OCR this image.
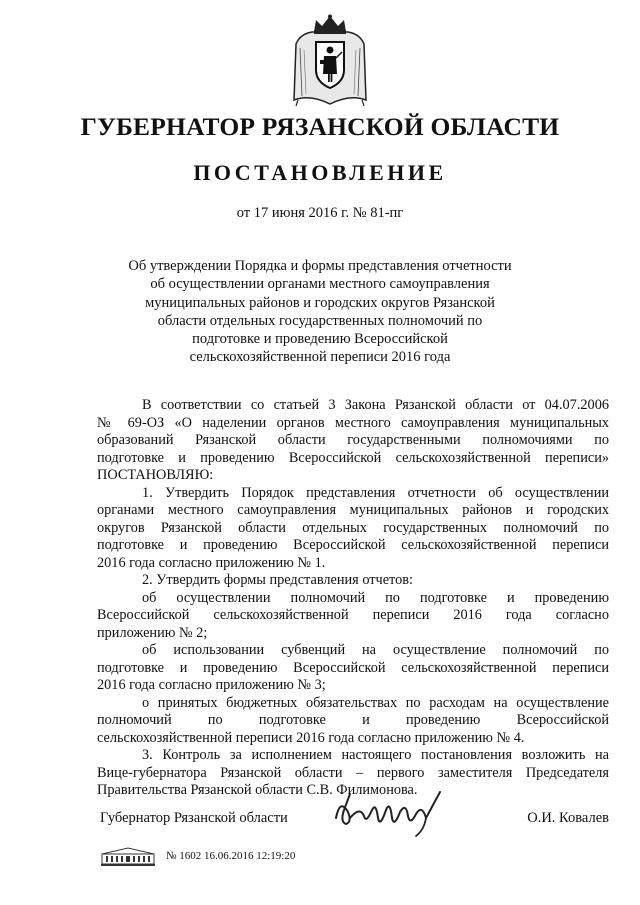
ГУБЕРНАТОР РЯЗАНСКОЙ ОБЛАСТИ
ПОСТАНОВЛЕНИЕ
от 17 июня 2016 г. № 81-пг
Об утверждении Порядка и формы представления отчетности
об осуществлении органами местного самоуправления
муниципальных районов и городских округов Рязанской
области отдельных государственных полномочий по
подготовке и проведению Всероссийской
сельскохозяйственной переписи 2016 года
В соответствии со статьей 3 Закона Рязанской области от 04.07.2006
№ 69-ОЗ «О наделении органов местного самоуправления муниципальных
образований Рязанской области государственными полномочиями по
подготовке и проведению Всероссийской сельскохозяйственной переписи»
ПОСТАНОВЛЯЮ:
1. Утвердить Порядок представления отчетности об осуществлении
органами местного самоуправления муниципальных районов и городских
округов Рязанской области отдельных государственных полномочий по
подготовке и проведению Всероссийской сельскохозяйственной переписи
2016 года согласно приложению № 1.
2. Утвердить формы представления отчетов:
об осуществлении полномочий по подготовке и проведению
Всероссийской сельскохозяйственной переписи 2016 года согласно
приложению № 2;
об использовании субвенций на осуществление полномочий по
подготовке и проведению Всероссийской сельскохозяйственной переписи
2016 года согласно приложению № 3;
о принятых бюджетных обязательствах по расходам на осуществление
полномочий по подготовке и проведению Всероссийской
сельскохозяйственной переписи 2016 года согласно приложению № 4.
3. Контроль за исполнением настоящего постановления возложить на
Вице-губернатора Рязанской области – первого заместителя Председателя
Правительства Рязанской области С.В. Филимонова.
Губернатор Рязанской области	О.И. Ковалев
№ 1602 16.06.2016 12:19:20
